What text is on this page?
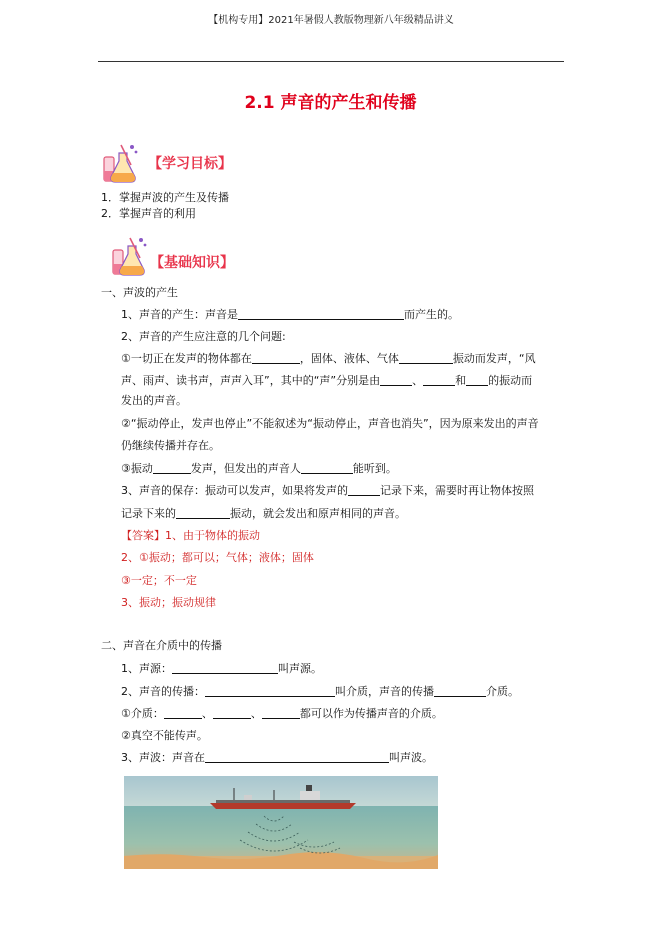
【机构专用】2021年暑假人教版物理新八年级精品讲义
2.1 声音的产生和传播
【学习目标】
1．掌握声波的产生及传播
2．掌握声音的利用
【基础知识】
一、声波的产生
1、声音的产生：声音是	而产生的。
2、声音的产生应注意的几个问题:
①一切正在发声的物体都在	，固体、液体、气体	振动而发声，“风
声、雨声、读书声，声声入耳”，其中的“声”分别是由	、	和 的振动而
发出的声音。
②“振动停止，发声也停止”不能叙述为“振动停止，声音也消失”，因为原来发出的声音
仍继续传播并存在。
③振动	发声，但发出的声音人	能听到。
3、声音的保存：振动可以发声，如果将发声的	记录下来，需要时再让物体按照
记录下来的	振动，就会发出和原声相同的声音。
【答案】1、由于物体的振动
2、①振动；都可以；气体；液体；固体
③一定；不一定
3、振动；振动规律
二、声音在介质中的传播
1、声源：	叫声源。
2、声音的传播：	叫介质，声音的传播	介质。
①介质：	、	、	都可以作为传播声音的介质。
②真空不能传声。
3、声波：声音在	叫声波。
